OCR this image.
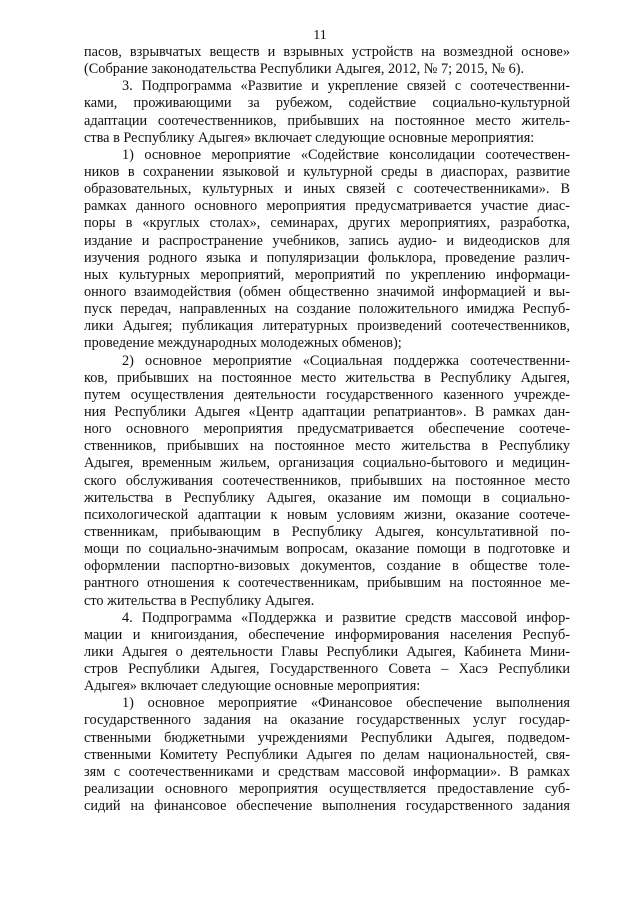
11
пасов, взрывчатых веществ и взрывных устройств на возмездной основе»
(Собрание законодательства Республики Адыгея, 2012, № 7; 2015, № 6).
3. Подпрограмма «Развитие и укрепление связей с соотечественни-
ками, проживающими за рубежом, содействие социально-культурной
адаптации соотечественников, прибывших на постоянное место житель-
ства в Республику Адыгея» включает следующие основные мероприятия:
1) основное мероприятие «Содействие консолидации соотечествен-
ников в сохранении языковой и культурной среды в диаспорах, развитие
образовательных, культурных и иных связей с соотечественниками». В
рамках данного основного мероприятия предусматривается участие диас-
поры в «круглых столах», семинарах, других мероприятиях, разработка,
издание и распространение учебников, запись аудио- и видеодисков для
изучения родного языка и популяризации фольклора, проведение различ-
ных культурных мероприятий, мероприятий по укреплению информаци-
онного взаимодействия (обмен общественно значимой информацией и вы-
пуск передач, направленных на создание положительного имиджа Респуб-
лики Адыгея; публикация литературных произведений соотечественников,
проведение международных молодежных обменов);
2) основное мероприятие «Социальная поддержка соотечественни-
ков, прибывших на постоянное место жительства в Республику Адыгея,
путем осуществления деятельности государственного казенного учрежде-
ния Республики Адыгея «Центр адаптации репатриантов». В рамках дан-
ного основного мероприятия предусматривается обеспечение соотече-
ственников, прибывших на постоянное место жительства в Республику
Адыгея, временным жильем, организация социально-бытового и медицин-
ского обслуживания соотечественников, прибывших на постоянное место
жительства в Республику Адыгея, оказание им помощи в социально-
психологической адаптации к новым условиям жизни, оказание соотече-
ственникам, прибывающим в Республику Адыгея, консультативной по-
мощи по социально-значимым вопросам, оказание помощи в подготовке и
оформлении паспортно-визовых документов, создание в обществе толе-
рантного отношения к соотечественникам, прибывшим на постоянное ме-
сто жительства в Республику Адыгея.
4. Подпрограмма «Поддержка и развитие средств массовой инфор-
мации и книгоиздания, обеспечение информирования населения Респуб-
лики Адыгея о деятельности Главы Республики Адыгея, Кабинета Мини-
стров Республики Адыгея, Государственного Совета – Хасэ Республики
Адыгея» включает следующие основные мероприятия:
1) основное мероприятие «Финансовое обеспечение выполнения
государственного задания на оказание государственных услуг государ-
ственными бюджетными учреждениями Республики Адыгея, подведом-
ственными Комитету Республики Адыгея по делам национальностей, свя-
зям с соотечественниками и средствам массовой информации». В рамках
реализации основного мероприятия осуществляется предоставление суб-
сидий на финансовое обеспечение выполнения государственного задания
